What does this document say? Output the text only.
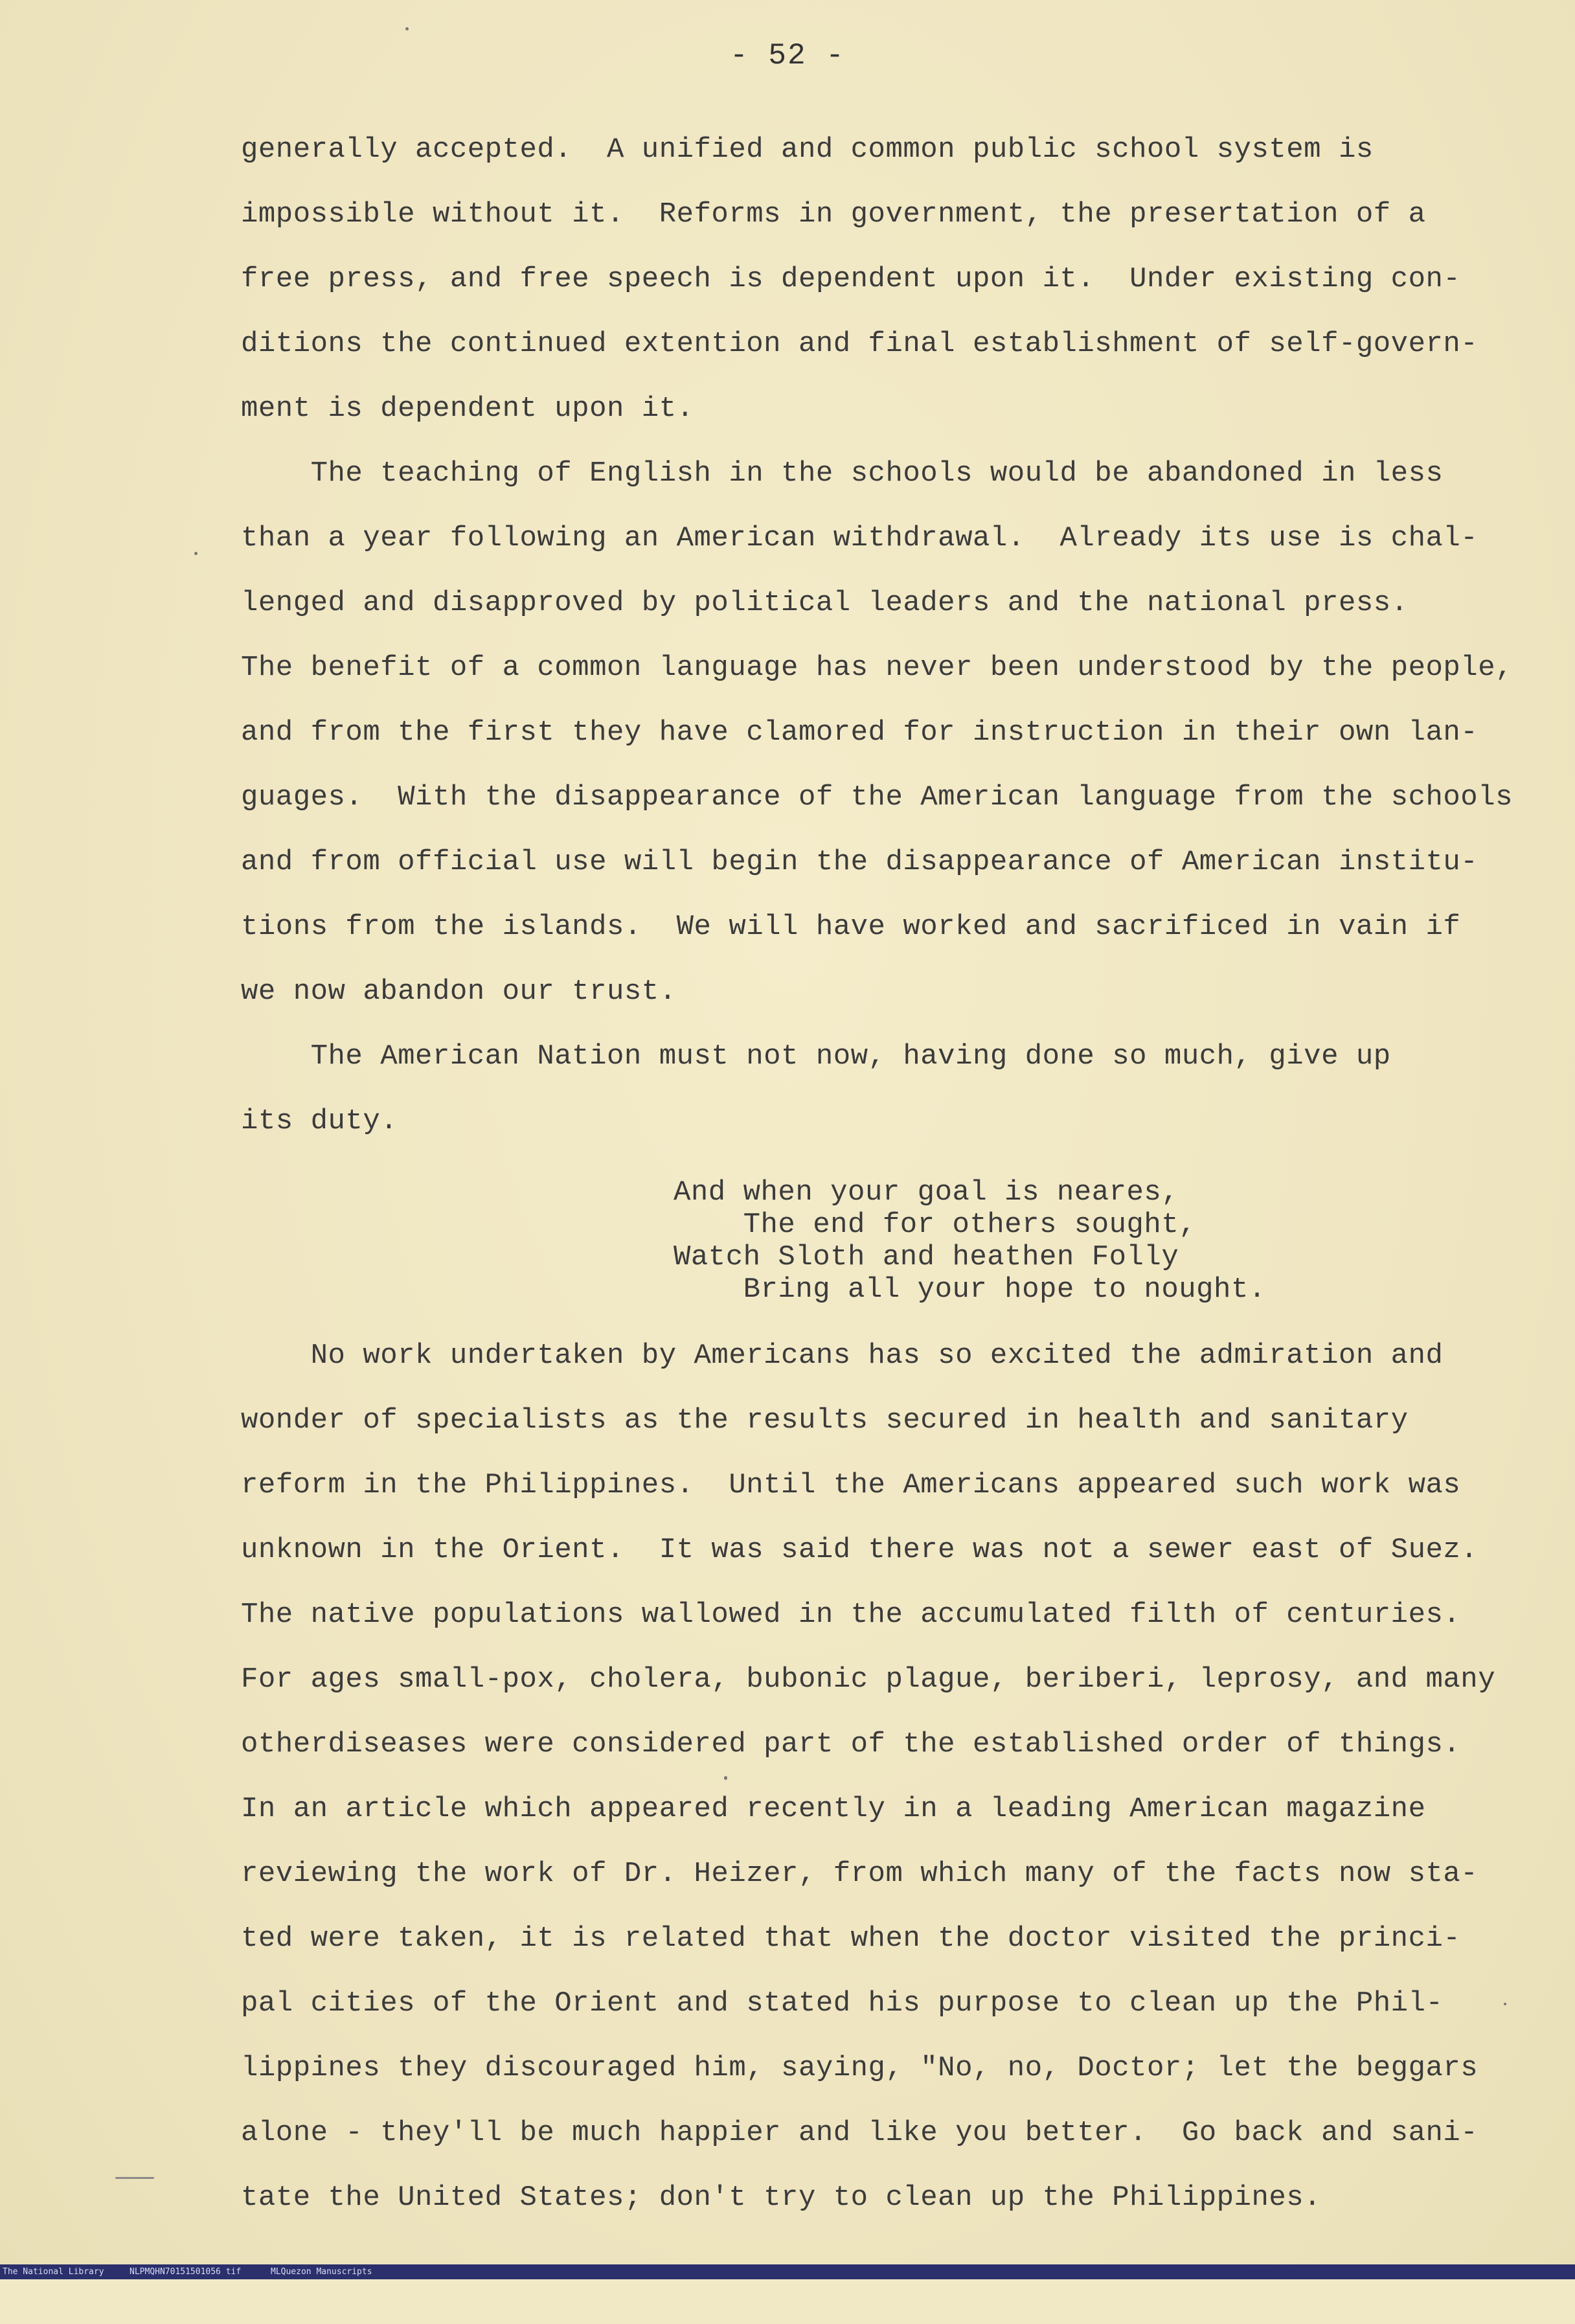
- 52 -
generally accepted.  A unified and common public school system is
impossible without it.  Reforms in government, the presertation of a
free press, and free speech is dependent upon it.  Under existing con-
ditions the continued extention and final establishment of self-govern-
ment is dependent upon it.
The teaching of English in the schools would be abandoned in less
than a year following an American withdrawal.  Already its use is chal-
lenged and disapproved by political leaders and the national press.
The benefit of a common language has never been understood by the people,
and from the first they have clamored for instruction in their own lan-
guages.  With the disappearance of the American language from the schools
and from official use will begin the disappearance of American institu-
tions from the islands.  We will have worked and sacrificed in vain if
we now abandon our trust.
The American Nation must not now, having done so much, give up
its duty.
And when your goal is neares,
The end for others sought,
Watch Sloth and heathen Folly
Bring all your hope to nought.
No work undertaken by Americans has so excited the admiration and
wonder of specialists as the results secured in health and sanitary
reform in the Philippines.  Until the Americans appeared such work was
unknown in the Orient.  It was said there was not a sewer east of Suez.
The native populations wallowed in the accumulated filth of centuries.
For ages small-pox, cholera, bubonic plague, beriberi, leprosy, and many
otherdiseases were considered part of the established order of things.
In an article which appeared recently in a leading American magazine
reviewing the work of Dr. Heizer, from which many of the facts now sta-
ted were taken, it is related that when the doctor visited the princi-
pal cities of the Orient and stated his purpose to clean up the Phil-
lippines they discouraged him, saying, "No, no, Doctor; let the beggars
alone - they'll be much happier and like you better.  Go back and sani-
tate the United States; don't try to clean up the Philippines.

The National Library

	NLPMQHN70151501056 tif

	MLQuezon Manuscripts
